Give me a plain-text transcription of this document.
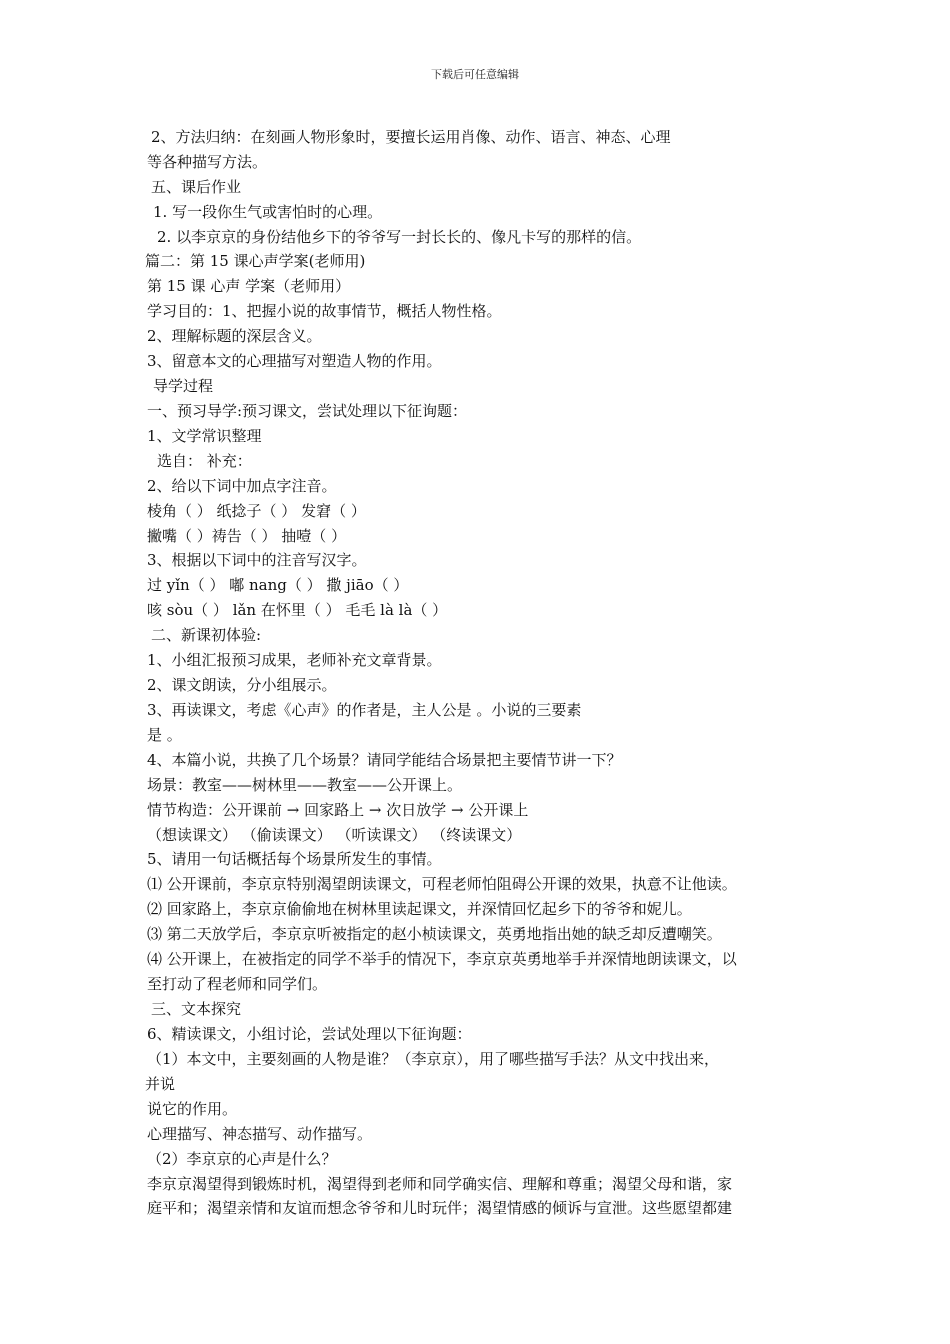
下载后可任意编辑
2、方法归纳：在刻画人物形象时，要擅长运用肖像、动作、语言、神态、心理
等各种描写方法。
五、课后作业
1. 写一段你生气或害怕时的心理。
2. 以李京京的身份结他乡下的爷爷写一封长长的、像凡卡写的那样的信。
篇二：第 15 课心声学案(老师用)
第 15 课 心声 学案（老师用）
学习目的：1、把握小说的故事情节，概括人物性格。
2、理解标题的深层含义。
3、留意本文的心理描写对塑造人物的作用。
导学过程
一、预习导学:预习课文，尝试处理以下征询题：
1、文学常识整理
选自： 补充：
2、给以下词中加点字注音。
棱角（ ） 纸捻子（ ） 发窘（ ）
撇嘴（ ）祷告（ ） 抽噎（ ）
3、根据以下词中的注音写汉字。
过 yǐn（ ） 嘟 nang（ ） 撒 jiāo（ ）
咳 sòu（ ） lǎn 在怀里（ ） 毛毛 là là（ ）
二、新课初体验:
1、小组汇报预习成果，老师补充文章背景。
2、课文朗读，分小组展示。
3、再读课文，考虑《心声》的作者是，主人公是 。小说的三要素
是 。
4、本篇小说，共换了几个场景？请同学能结合场景把主要情节讲一下？
场景：教室——树林里——教室——公开课上。
情节构造：公开课前 → 回家路上 → 次日放学 → 公开课上
（想读课文） （偷读课文） （听读课文） （终读课文）
5、请用一句话概括每个场景所发生的事情。
⑴ 公开课前，李京京特别渴望朗读课文，可程老师怕阻碍公开课的效果，执意不让他读。
⑵ 回家路上，李京京偷偷地在树林里读起课文，并深情回忆起乡下的爷爷和妮儿。
⑶ 第二天放学后，李京京听被指定的赵小桢读课文，英勇地指出她的缺乏却反遭嘲笑。
⑷ 公开课上，在被指定的同学不举手的情况下，李京京英勇地举手并深情地朗读课文，以
至打动了程老师和同学们。
三、文本探究
6、精读课文，小组讨论，尝试处理以下征询题：
（1）本文中，主要刻画的人物是谁？（李京京），用了哪些描写手法？从文中找出来，
并说
说它的作用。
心理描写、神态描写、动作描写。
（2）李京京的心声是什么？
李京京渴望得到锻炼时机，渴望得到老师和同学确实信、理解和尊重；渴望父母和谐，家
庭平和；渴望亲情和友谊而想念爷爷和儿时玩伴；渴望情感的倾诉与宣泄。这些愿望都建
